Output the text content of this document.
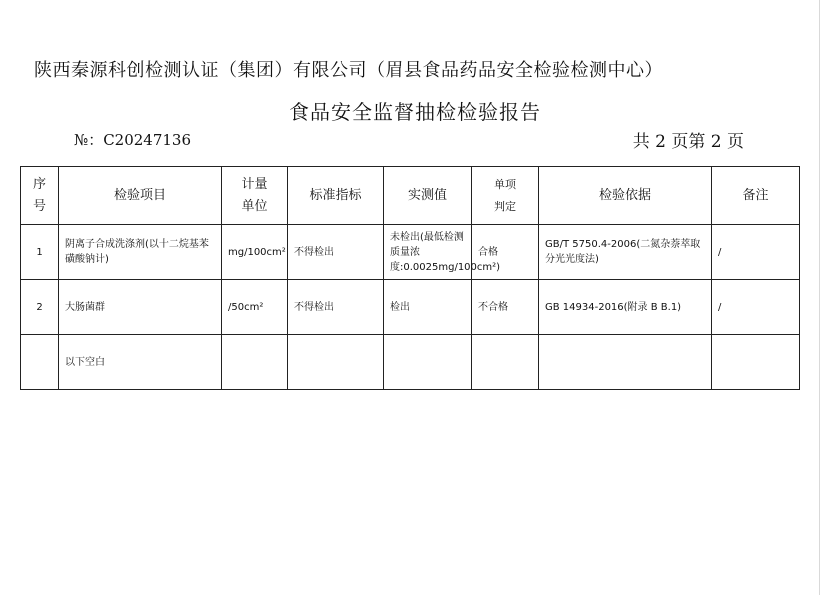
陕西秦源科创检测认证（集团）有限公司（眉县食品药品安全检验检测中心）
食品安全监督抽检检验报告
№：C20247136	共 2 页第 2 页
序号	检验项目	计量单位	标准指标	实测值	单项判定	检验依据	备注
1	阴离子合成洗涤剂(以十二烷基苯磺酸钠计)	mg/100cm²	不得检出	未检出(最低检测质量浓度:0.0025mg/100cm²)	合格	GB/T 5750.4-2006(二氮杂萘萃取分光光度法)	/
2	大肠菌群	/50cm²	不得检出	检出	不合格	GB 14934-2016(附录 B B.1)	/
	以下空白						
